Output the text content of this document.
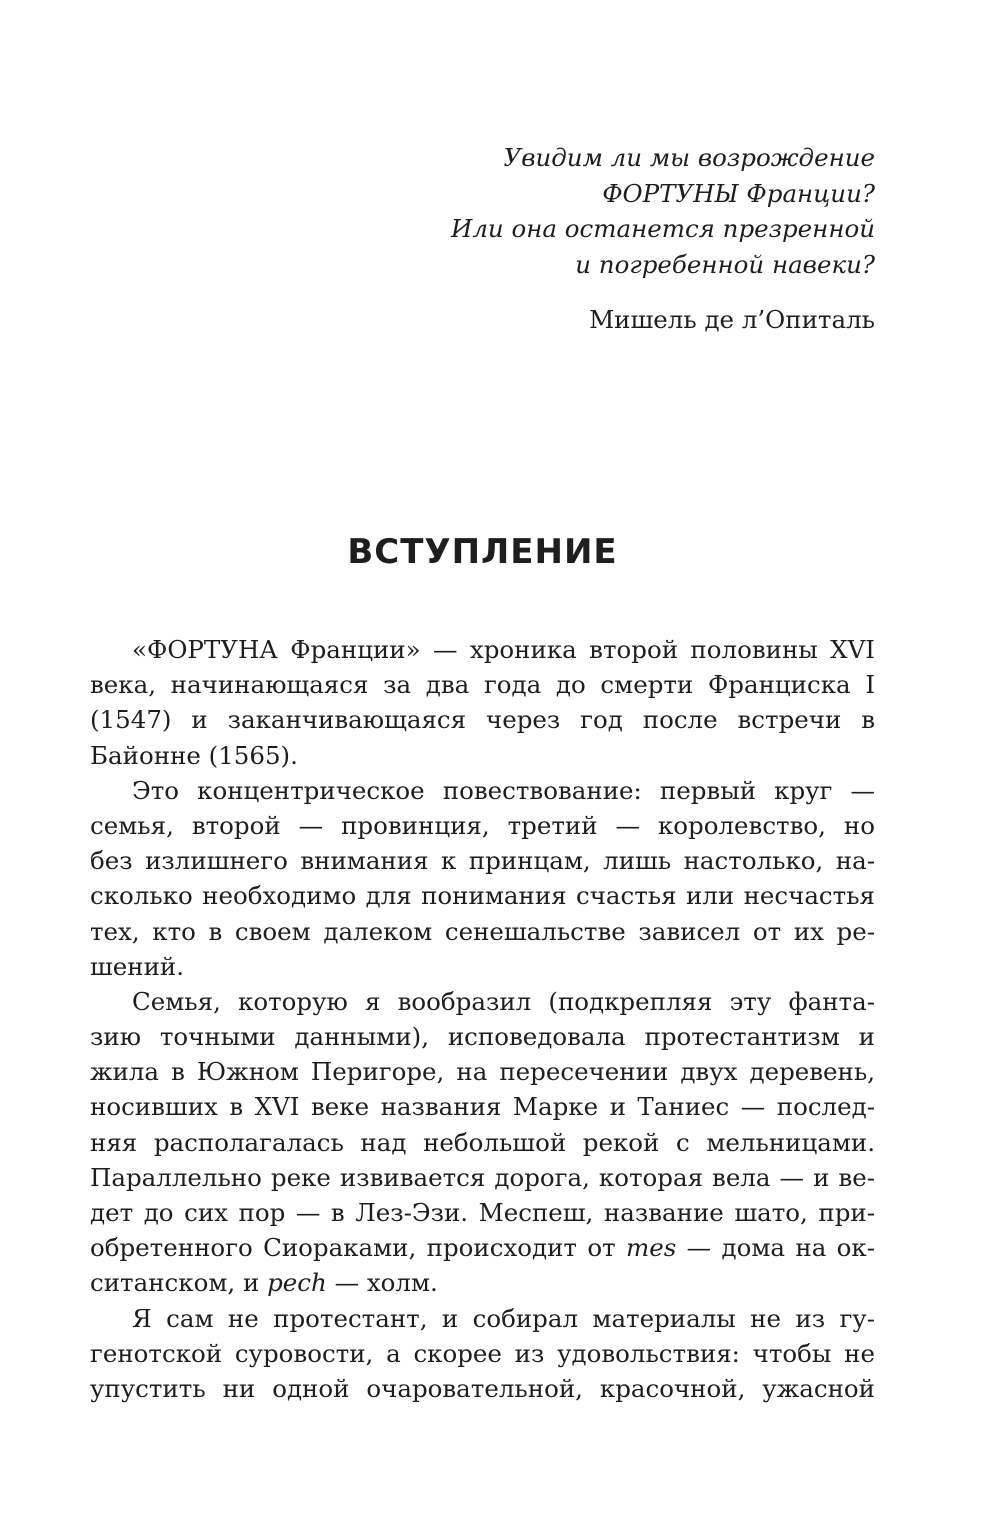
Увидим ли мы возрождение
ФОРТУНЫ Франции?
Или она останется презренной
и погребенной навеки?
Мишель де л’Опиталь
ВСТУПЛЕНИЕ
«ФОРТУНА Франции» — хроника второй половины XVI
века, начинающаяся за два года до смерти Франциска I
(1547) и заканчивающаяся через год после встречи в
Байонне (1565).
Это концентрическое повествование: первый круг —
семья, второй — провинция, третий — королевство, но
без излишнего внимания к принцам, лишь настолько, на-
сколько необходимо для понимания счастья или несчастья
тех, кто в своем далеком сенешальстве зависел от их ре-
шений.
Семья, которую я вообразил (подкрепляя эту фанта-
зию точными данными), исповедовала протестантизм и
жила в Южном Перигоре, на пересечении двух деревень,
носивших в XVI веке названия Марке и Таниес — послед-
няя располагалась над небольшой рекой с мельницами.
Параллельно реке извивается дорога, которая вела — и ве-
дет до сих пор — в Лез-Эзи. Меспеш, название шато, при-
обретенного Сиораками, происходит от mes — дома на ок-
ситанском, и pech — холм.
Я сам не протестант, и собирал материалы не из гу-
генотской суровости, а скорее из удовольствия: чтобы не
упустить ни одной очаровательной, красочной, ужасной
